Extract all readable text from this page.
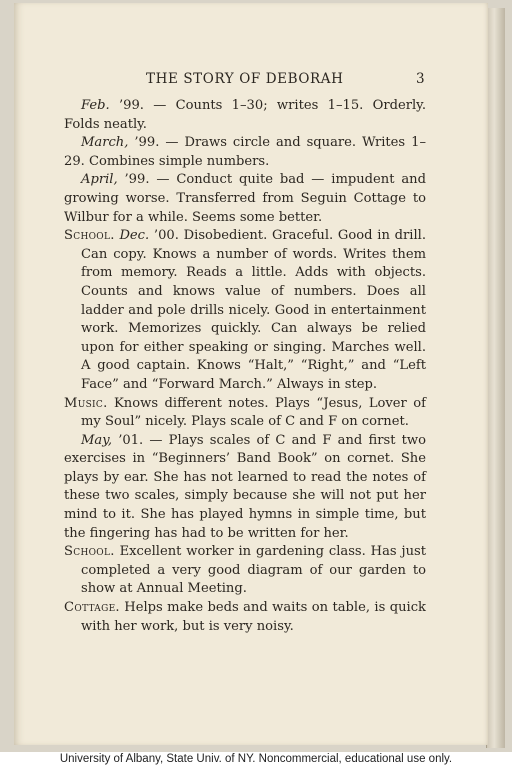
THE STORY OF DEBORAH	3

Feb. ’99. — Counts 1–30; writes 1–15. Orderly. Folds neatly.

March, ’99. — Draws circle and square. Writes 1–29. Combines simple numbers.

April, ’99. — Conduct quite bad — impudent and growing worse. Transferred from Seguin Cottage to Wilbur for a while. Seems some better.

School. Dec. ’00. Disobedient. Graceful. Good in drill. Can copy. Knows a number of words. Writes them from memory. Reads a little. Adds with objects. Counts and knows value of numbers. Does all ladder and pole drills nicely. Good in entertainment work. Memorizes quickly. Can always be relied upon for either speaking or singing. Marches well. A good captain. Knows “Halt,” “Right,” and “Left Face” and “Forward March.” Always in step.

Music. Knows different notes. Plays “Jesus, Lover of my Soul” nicely. Plays scale of C and F on cornet.

May, ’01. — Plays scales of C and F and first two exercises in “Beginners’ Band Book” on cornet. She plays by ear. She has not learned to read the notes of these two scales, simply because she will not put her mind to it. She has played hymns in simple time, but the fingering has had to be written for her.

School. Excellent worker in gardening class. Has just completed a very good diagram of our garden to show at Annual Meeting.

Cottage. Helps make beds and waits on table, is quick with her work, but is very noisy.

University of Albany, State Univ. of NY. Noncommercial, educational use only.
